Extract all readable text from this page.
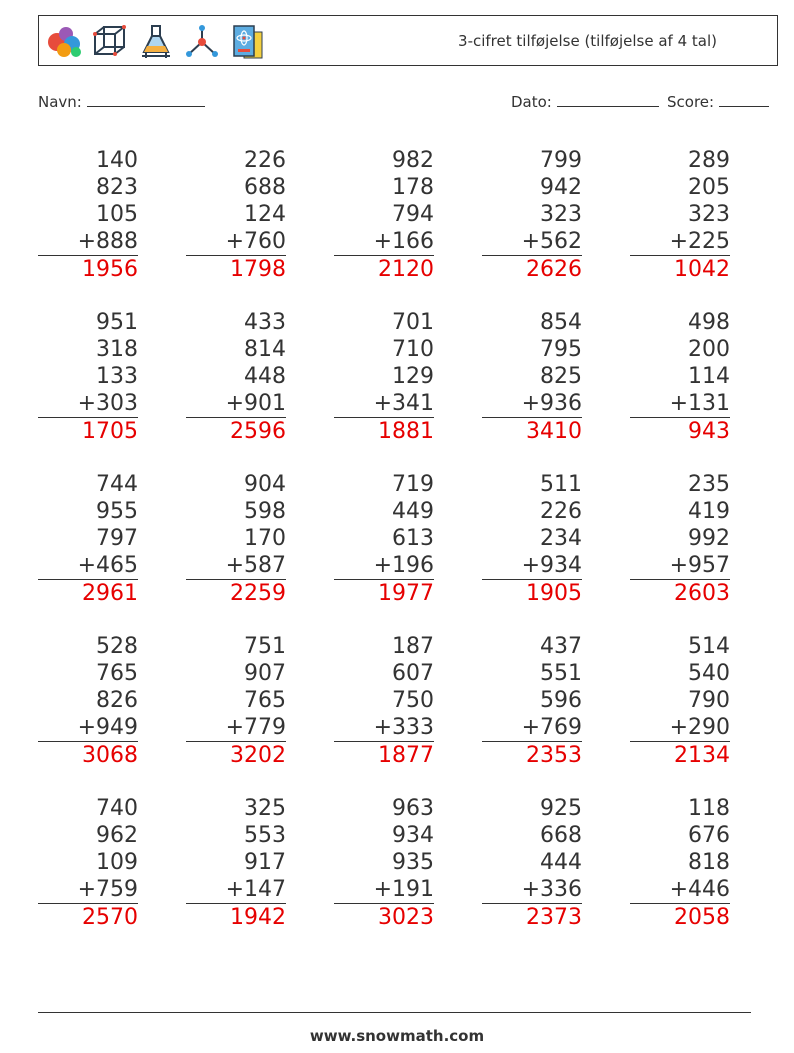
3-cifret tilføjelse (tilføjelse af 4 tal)
Navn:	Dato:	Score:
140
823
105
+888
1956
226
688
124
+760
1798
982
178
794
+166
2120
799
942
323
+562
2626
289
205
323
+225
1042
951
318
133
+303
1705
433
814
448
+901
2596
701
710
129
+341
1881
854
795
825
+936
3410
498
200
114
+131
943
744
955
797
+465
2961
904
598
170
+587
2259
719
449
613
+196
1977
511
226
234
+934
1905
235
419
992
+957
2603
528
765
826
+949
3068
751
907
765
+779
3202
187
607
750
+333
1877
437
551
596
+769
2353
514
540
790
+290
2134
740
962
109
+759
2570
325
553
917
+147
1942
963
934
935
+191
3023
925
668
444
+336
2373
118
676
818
+446
2058
www.snowmath.com
